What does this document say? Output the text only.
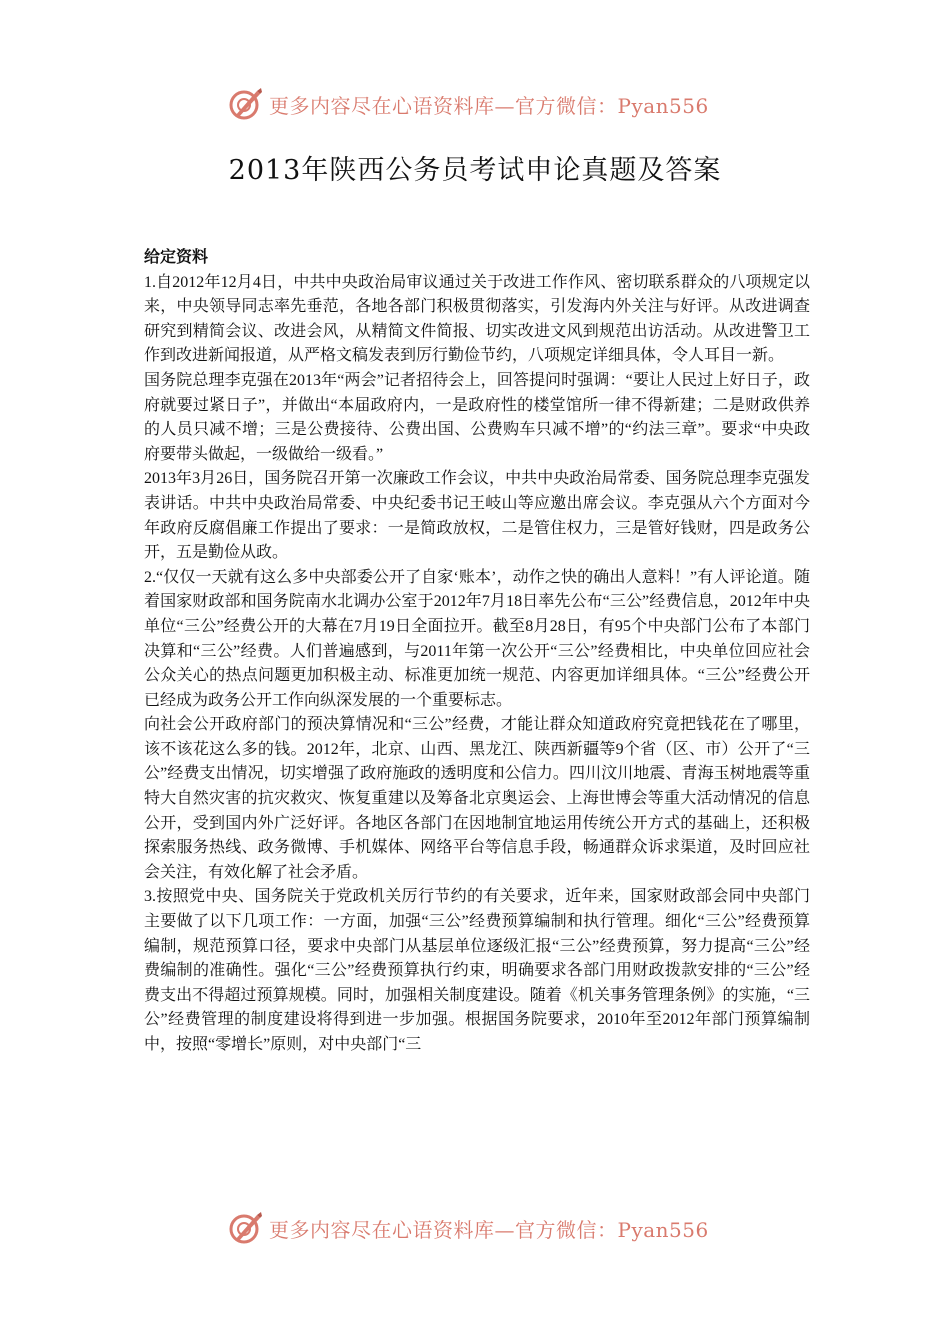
更多内容尽在心语资料库—官方微信：Pyan556
2013年陕西公务员考试申论真题及答案

给定资料

1.自2012年12月4日，中共中央政治局审议通过关于改进工作作风、密切联系群众的八项规定以来，中央领导同志率先垂范，各地各部门积极贯彻落实，引发海内外关注与好评。从改进调查研究到精简会议、改进会风，从精简文件简报、切实改进文风到规范出访活动。从改进警卫工作到改进新闻报道，从严格文稿发表到厉行勤俭节约，八项规定详细具体，令人耳目一新。

国务院总理李克强在2013年“两会”记者招待会上，回答提问时强调：“要让人民过上好日子，政府就要过紧日子”，并做出“本届政府内，一是政府性的楼堂馆所一律不得新建；二是财政供养的人员只减不增；三是公费接待、公费出国、公费购车只减不增”的“约法三章”。要求“中央政府要带头做起，一级做给一级看。”

2013年3月26日，国务院召开第一次廉政工作会议，中共中央政治局常委、国务院总理李克强发表讲话。中共中央政治局常委、中央纪委书记王岐山等应邀出席会议。李克强从六个方面对今年政府反腐倡廉工作提出了要求：一是简政放权，二是管住权力，三是管好钱财，四是政务公开，五是勤俭从政。

2.“仅仅一天就有这么多中央部委公开了自家‘账本’，动作之快的确出人意料！”有人评论道。随着国家财政部和国务院南水北调办公室于2012年7月18日率先公布“三公”经费信息，2012年中央单位“三公”经费公开的大幕在7月19日全面拉开。截至8月28日，有95个中央部门公布了本部门决算和“三公”经费。人们普遍感到，与2011年第一次公开“三公”经费相比，中央单位回应社会公众关心的热点问题更加积极主动、标准更加统一规范、内容更加详细具体。“三公”经费公开已经成为政务公开工作向纵深发展的一个重要标志。

向社会公开政府部门的预决算情况和“三公”经费，才能让群众知道政府究竟把钱花在了哪里，该不该花这么多的钱。2012年，北京、山西、黑龙江、陕西新疆等9个省（区、市）公开了“三公”经费支出情况，切实增强了政府施政的透明度和公信力。四川汶川地震、青海玉树地震等重特大自然灾害的抗灾救灾、恢复重建以及筹备北京奥运会、上海世博会等重大活动情况的信息公开，受到国内外广泛好评。各地区各部门在因地制宜地运用传统公开方式的基础上，还积极探索服务热线、政务微博、手机媒体、网络平台等信息手段，畅通群众诉求渠道，及时回应社会关注，有效化解了社会矛盾。

3.按照党中央、国务院关于党政机关厉行节约的有关要求，近年来，国家财政部会同中央部门主要做了以下几项工作：一方面，加强“三公”经费预算编制和执行管理。细化“三公”经费预算编制，规范预算口径，要求中央部门从基层单位逐级汇报“三公”经费预算，努力提高“三公”经费编制的准确性。强化“三公”经费预算执行约束，明确要求各部门用财政拨款安排的“三公”经费支出不得超过预算规模。同时，加强相关制度建设。随着《机关事务管理条例》的实施，“三公”经费管理的制度建设将得到进一步加强。根据国务院要求，2010年至2012年部门预算编制中，按照“零增长”原则，对中央部门“三

更多内容尽在心语资料库—官方微信：Pyan556
